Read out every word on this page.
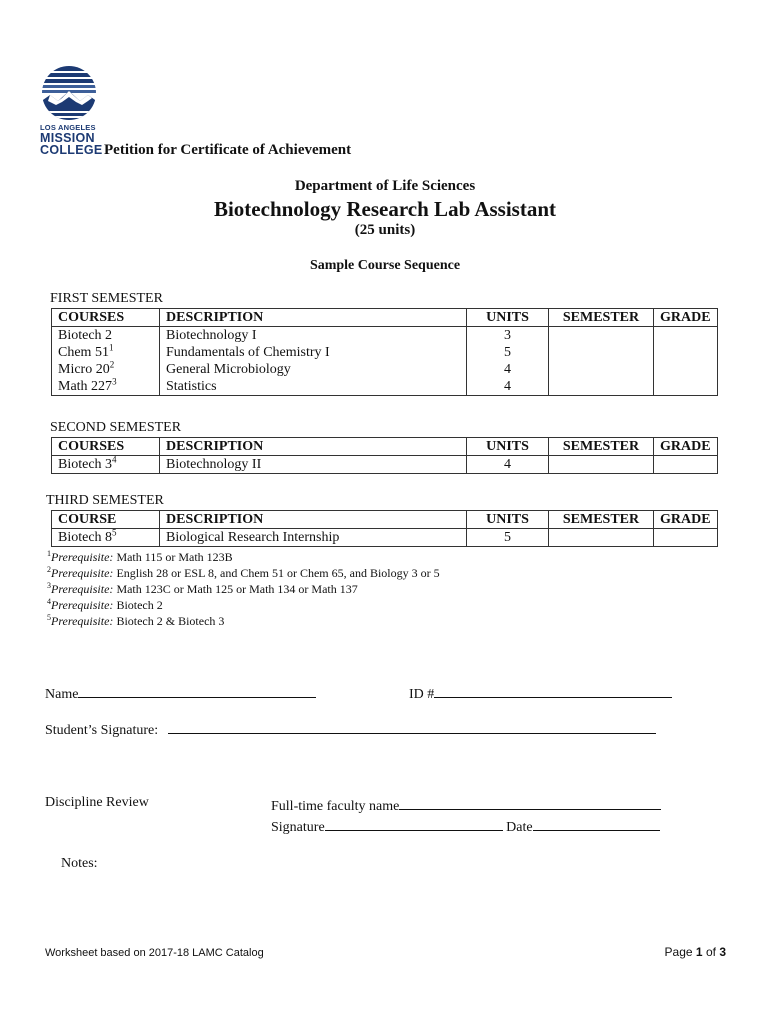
LOS ANGELES
MISSION
COLLEGE Petition for Certificate of Achievement
Department of Life Sciences
Biotechnology Research Lab Assistant
(25 units)
Sample Course Sequence
FIRST SEMESTER
COURSES	DESCRIPTION	UNITS	SEMESTER	GRADE
Biotech 2	Biotechnology I	3		
Chem $51^1$	Fundamentals of Chemistry I	5		
Micro $20^2$	General Microbiology	4		
Math $227^3$	Statistics	4		
SECOND SEMESTER
COURSES	DESCRIPTION	UNITS	SEMESTER	GRADE
Biotech $3^4$	Biotechnology II	4		
THIRD SEMESTER
COURSE	DESCRIPTION	UNITS	SEMESTER	GRADE
Biotech $8^5$	Biological Research Internship	5		
$^1$Prerequisite: Math 115 or Math 123B
$^2$Prerequisite: English 28 or ESL 8, and Chem 51 or Chem 65, and Biology 3 or 5
$^3$Prerequisite: Math 123C or Math 125 or Math 134 or Math 137
$^4$Prerequisite: Biotech 2
$^5$Prerequisite: Biotech 2 & Biotech 3
Name	ID #
Student’s Signature:
Discipline Review	Full-time faculty name
Signature	Date
Notes:
Worksheet based on 2017-18 LAMC Catalog	Page 1 of 3
